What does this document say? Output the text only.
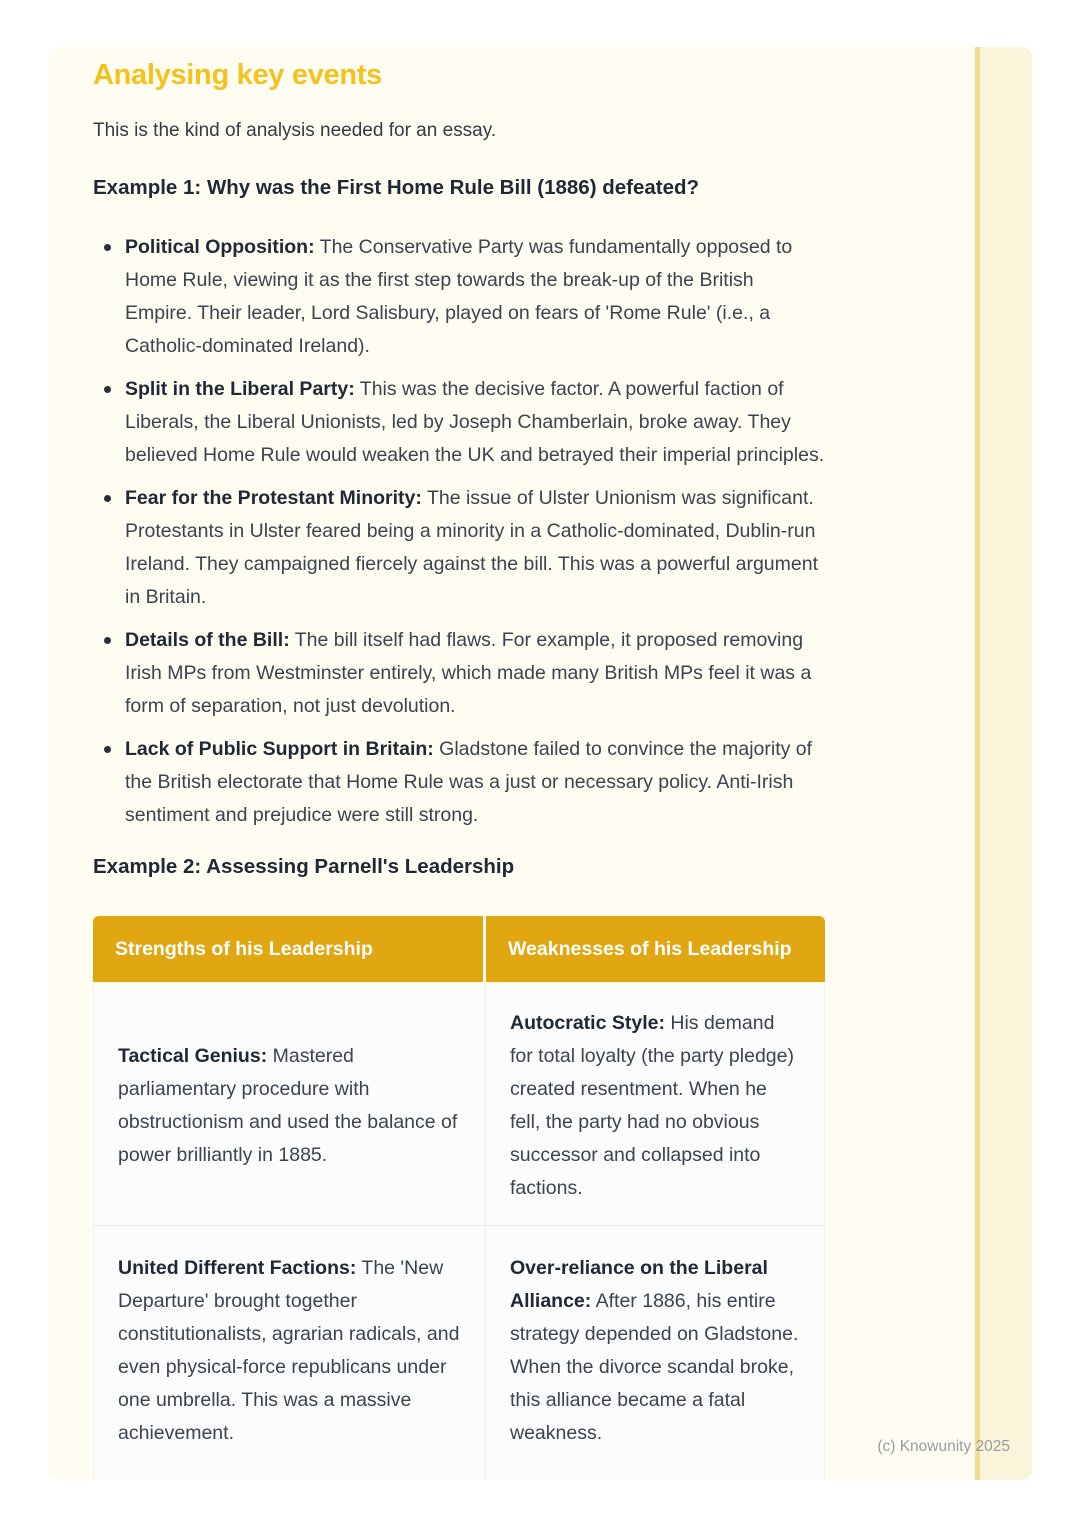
Analysing key events

This is the kind of analysis needed for an essay.

Example 1: Why was the First Home Rule Bill (1886) defeated?
Political Opposition: The Conservative Party was fundamentally opposed to Home Rule, viewing it as the first step towards the break-up of the British Empire. Their leader, Lord Salisbury, played on fears of 'Rome Rule' (i.e., a Catholic-dominated Ireland).
Split in the Liberal Party: This was the decisive factor. A powerful faction of Liberals, the Liberal Unionists, led by Joseph Chamberlain, broke away. They believed Home Rule would weaken the UK and betrayed their imperial principles.
Fear for the Protestant Minority: The issue of Ulster Unionism was significant. Protestants in Ulster feared being a minority in a Catholic-dominated, Dublin-run Ireland. They campaigned fiercely against the bill. This was a powerful argument in Britain.
Details of the Bill: The bill itself had flaws. For example, it proposed removing Irish MPs from Westminster entirely, which made many British MPs feel it was a form of separation, not just devolution.
Lack of Public Support in Britain: Gladstone failed to convince the majority of the British electorate that Home Rule was a just or necessary policy. Anti-Irish sentiment and prejudice were still strong.
Example 2: Assessing Parnell's Leadership
Strengths of his Leadership	Weaknesses of his Leadership

Tactical Genius: Mastered parliamentary procedure with obstructionism and used the balance of power brilliantly in 1885.	Autocratic Style: His demand for total loyalty (the party pledge) created resentment. When he fell, the party had no obvious successor and collapsed into factions.
United Different Factions: The 'New Departure' brought together constitutionalists, agrarian radicals, and even physical-force republicans under one umbrella. This was a massive achievement.	Over-reliance on the Liberal Alliance: After 1886, his entire strategy depended on Gladstone. When the divorce scandal broke, this alliance became a fatal weakness.
(c) Knowunity 2025
